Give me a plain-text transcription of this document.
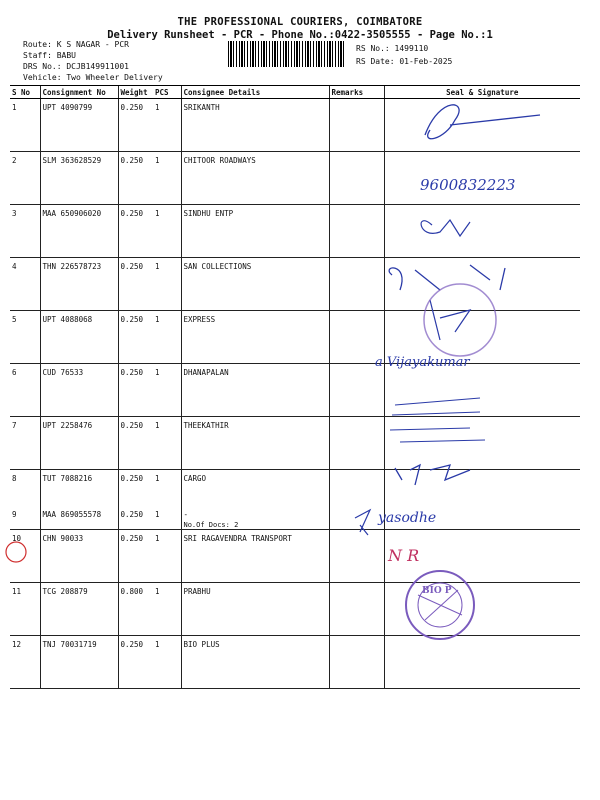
THE PROFESSIONAL COURIERS, COIMBATORE
Delivery Runsheet - PCR - Phone No.:0422-3505555 - Page No.:1
Route: K S NAGAR - PCR
Staff: BABU
DRS No.: DCJB149911001
Vehicle: Two Wheeler Delivery
RS No.: 1499110
RS Date: 01-Feb-2025
S No	Consignment No	Weight	PCS	Consignee Details	Remarks	Seal & Signature
1	UPT 4090799	0.250	1	SRIKANTH		

2	SLM 363628529	0.250	1	CHITOOR ROADWAYS		

3	MAA 650906020	0.250	1	SINDHU ENTP		

4	THN 226578723	0.250	1	SAN COLLECTIONS		

5	UPT 4088068	0.250	1	EXPRESS		

6	CUD 76533	0.250	1	DHANAPALAN		

7	UPT 2258476	0.250	1	THEEKATHIR		

8	TUT 7088216	0.250	1	CARGO		

9	MAA 869055578	0.250	1	-
No.Of Docs: 2		

10	CHN 90033	0.250	1	SRI RAGAVENDRA TRANSPORT		

11	TCG 208879	0.800	1	PRABHU		

12	TNJ 70031719	0.250	1	BIO PLUS		

9600832223
a Vijayakumar
yasodhe
N R
BIO P
